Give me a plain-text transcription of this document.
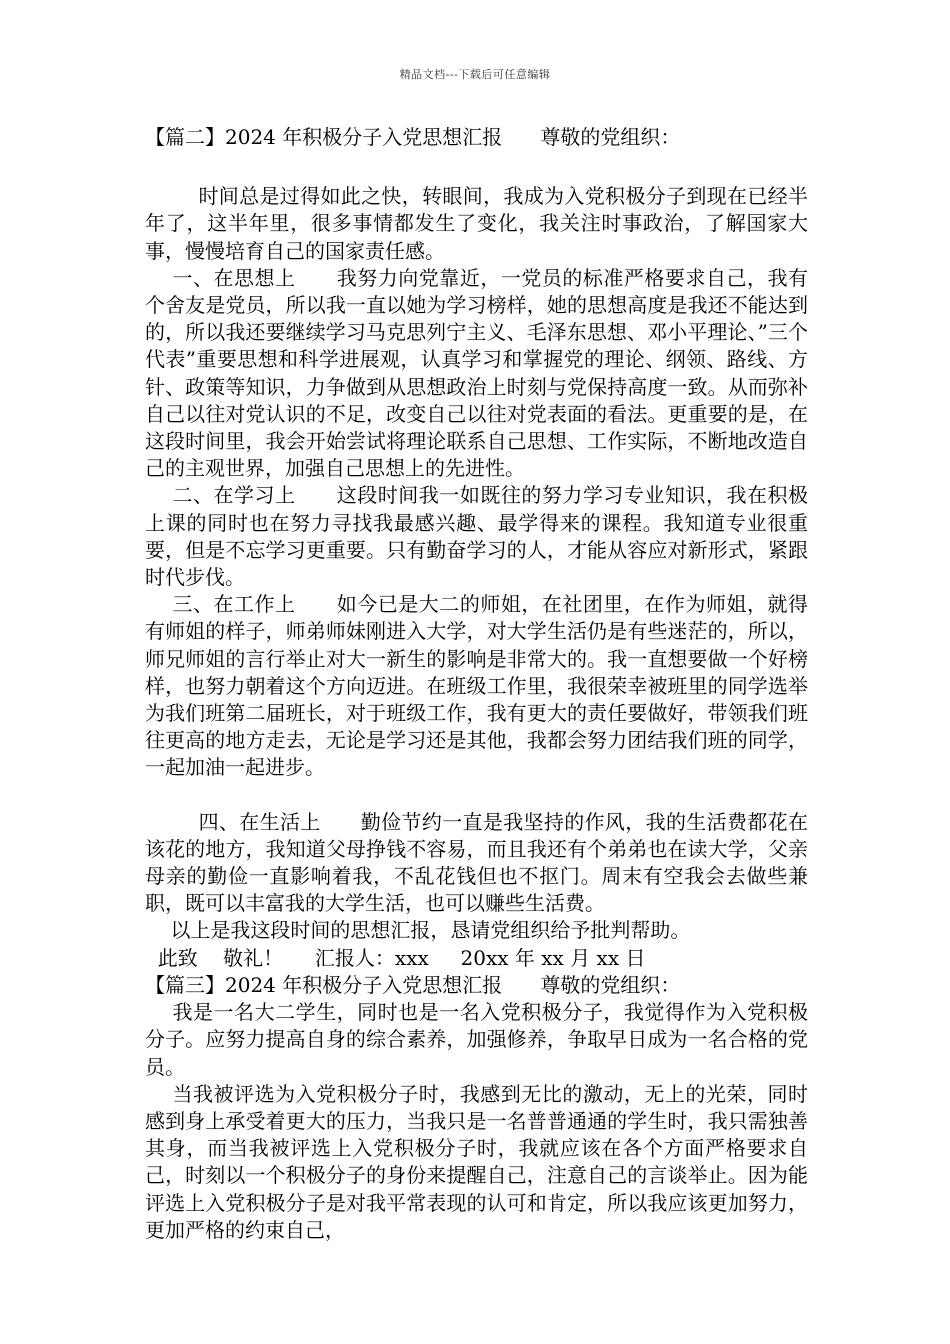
精品文档---下载后可任意编辑

【篇二】2024 年积极分子入党思想汇报      尊敬的党组织：

时间总是过得如此之快，转眼间，我成为入党积极分子到现在已经半年了，这半年里，很多事情都发生了变化，我关注时事政治，了解国家大事，慢慢培育自己的国家责任感。

一、在思想上      我努力向党靠近，一党员的标准严格要求自己，我有个舍友是党员，所以我一直以她为学习榜样，她的思想高度是我还不能达到的，所以我还要继续学习马克思列宁主义、毛泽东思想、邓小平理论、”三个代表”重要思想和科学进展观，认真学习和掌握党的理论、纲领、路线、方针、政策等知识，力争做到从思想政治上时刻与党保持高度一致。从而弥补自己以往对党认识的不足，改变自己以往对党表面的看法。更重要的是，在这段时间里，我会开始尝试将理论联系自己思想、工作实际，不断地改造自己的主观世界，加强自己思想上的先进性。

二、在学习上      这段时间我一如既往的努力学习专业知识，我在积极上课的同时也在努力寻找我最感兴趣、最学得来的课程。我知道专业很重要，但是不忘学习更重要。只有勤奋学习的人，才能从容应对新形式，紧跟时代步伐。

三、在工作上      如今已是大二的师姐，在社团里，在作为师姐，就得有师姐的样子，师弟师妹刚进入大学，对大学生活仍是有些迷茫的，所以，师兄师姐的言行举止对大一新生的影响是非常大的。我一直想要做一个好榜样，也努力朝着这个方向迈进。在班级工作里，我很荣幸被班里的同学选举为我们班第二届班长，对于班级工作，我有更大的责任要做好，带领我们班往更高的地方走去，无论是学习还是其他，我都会努力团结我们班的同学，一起加油一起进步。

四、在生活上      勤俭节约一直是我坚持的作风，我的生活费都花在该花的地方，我知道父母挣钱不容易，而且我还有个弟弟也在读大学，父亲母亲的勤俭一直影响着我，不乱花钱但也不抠门。周末有空我会去做些兼职，既可以丰富我的大学生活，也可以赚些生活费。

以上是我这段时间的思想汇报，恳请党组织给予批判帮助。

此致    敬礼！     汇报人：xxx     20xx 年 xx 月 xx 日

【篇三】2024 年积极分子入党思想汇报      尊敬的党组织：

我是一名大二学生，同时也是一名入党积极分子，我觉得作为入党积极分子。应努力提高自身的综合素养，加强修养，争取早日成为一名合格的党员。

当我被评选为入党积极分子时，我感到无比的激动，无上的光荣，同时感到身上承受着更大的压力，当我只是一名普普通通的学生时，我只需独善其身，而当我被评选上入党积极分子时，我就应该在各个方面严格要求自己，时刻以一个积极分子的身份来提醒自己，注意自己的言谈举止。因为能评选上入党积极分子是对我平常表现的认可和肯定，所以我应该更加努力，更加严格的约束自己，
